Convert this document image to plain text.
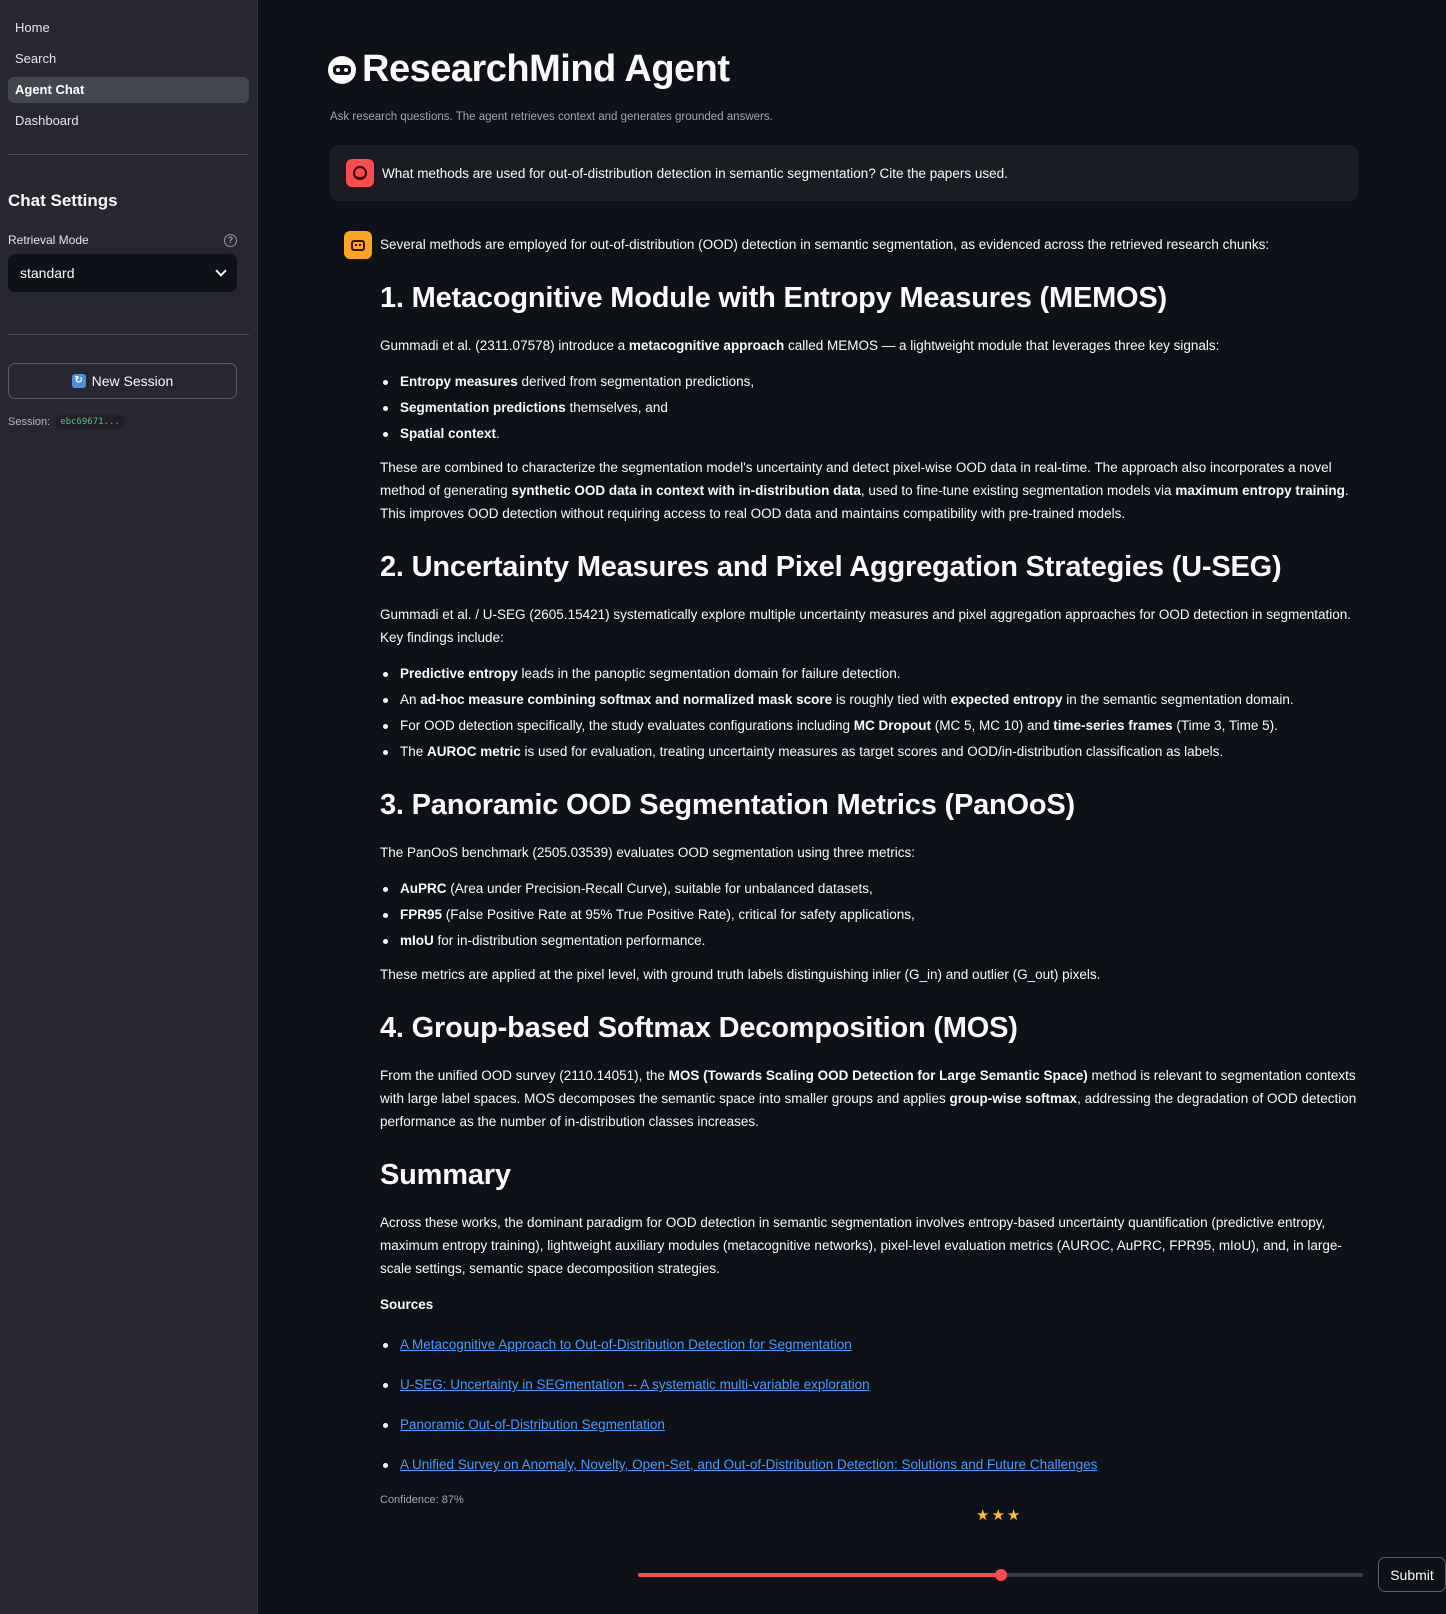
Home
Search
Agent Chat
Dashboard
Chat Settings
Retrieval Mode	?
standard
↻ New Session
Session:	ebc69671...
ResearchMind Agent
Ask research questions. The agent retrieves context and generates grounded answers.
What methods are used for out-of-distribution detection in semantic segmentation? Cite the papers used.

Several methods are employed for out-of-distribution (OOD) detection in semantic segmentation, as evidenced across the retrieved research chunks:

1. Metacognitive Module with Entropy Measures (MEMOS)

Gummadi et al. (2311.07578) introduce a metacognitive approach called MEMOS — a lightweight module that leverages three key signals:

Entropy measures derived from segmentation predictions,
Segmentation predictions themselves, and
Spatial context.

These are combined to characterize the segmentation model's uncertainty and detect pixel-wise OOD data in real-time. The approach also incorporates a novel method of generating synthetic OOD data in context with in-distribution data, used to fine-tune existing segmentation models via maximum entropy training. This improves OOD detection without requiring access to real OOD data and maintains compatibility with pre-trained models.

2. Uncertainty Measures and Pixel Aggregation Strategies (U-SEG)

Gummadi et al. / U-SEG (2605.15421) systematically explore multiple uncertainty measures and pixel aggregation approaches for OOD detection in segmentation. Key findings include:

Predictive entropy leads in the panoptic segmentation domain for failure detection.
An ad-hoc measure combining softmax and normalized mask score is roughly tied with expected entropy in the semantic segmentation domain.
For OOD detection specifically, the study evaluates configurations including MC Dropout (MC 5, MC 10) and time-series frames (Time 3, Time 5).
The AUROC metric is used for evaluation, treating uncertainty measures as target scores and OOD/in-distribution classification as labels.
3. Panoramic OOD Segmentation Metrics (PanOoS)

The PanOoS benchmark (2505.03539) evaluates OOD segmentation using three metrics:

AuPRC (Area under Precision-Recall Curve), suitable for unbalanced datasets,
FPR95 (False Positive Rate at 95% True Positive Rate), critical for safety applications,
mIoU for in-distribution segmentation performance.

These metrics are applied at the pixel level, with ground truth labels distinguishing inlier (G_in) and outlier (G_out) pixels.

4. Group-based Softmax Decomposition (MOS)

From the unified OOD survey (2110.14051), the MOS (Towards Scaling OOD Detection for Large Semantic Space) method is relevant to segmentation contexts with large label spaces. MOS decomposes the semantic space into smaller groups and applies group-wise softmax, addressing the degradation of OOD detection performance as the number of in-distribution classes increases.

Summary

Across these works, the dominant paradigm for OOD detection in semantic segmentation involves entropy-based uncertainty quantification (predictive entropy, maximum entropy training), lightweight auxiliary modules (metacognitive networks), pixel-level evaluation metrics (AUROC, AuPRC, FPR95, mIoU), and, in large-scale settings, semantic space decomposition strategies.

Sources
A Metacognitive Approach to Out-of-Distribution Detection for Segmentation
U-SEG: Uncertainty in SEGmentation -- A systematic multi-variable exploration
Panoramic Out-of-Distribution Segmentation
A Unified Survey on Anomaly, Novelty, Open-Set, and Out-of-Distribution Detection: Solutions and Future Challenges
Confidence: 87%
★★★
Submit
